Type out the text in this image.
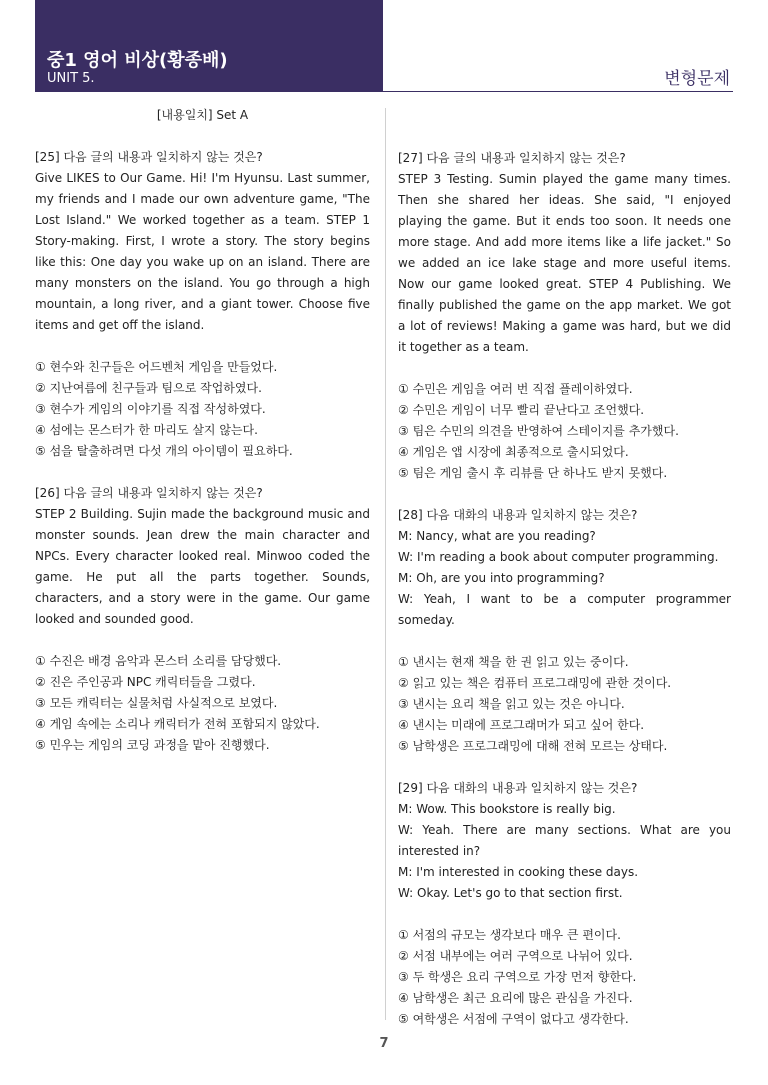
중1 영어 비상(황종배)
UNIT 5.	변형문제

[내용일치] Set A

[25] 다음 글의 내용과 일치하지 않는 것은?

Give LIKES to Our Game. Hi! I'm Hyunsu. Last summer, my friends and I made our own adventure game, "The Lost Island." We worked together as a team. STEP 1 Story-making. First, I wrote a story. The story begins like this: One day you wake up on an island. There are many monsters on the island. You go through a high mountain, a long river, and a giant tower. Choose five items and get off the island.

① 현수와 친구들은 어드벤처 게임을 만들었다.
② 지난여름에 친구들과 팀으로 작업하였다.
③ 현수가 게임의 이야기를 직접 작성하였다.
④ 섬에는 몬스터가 한 마리도 살지 않는다.
⑤ 섬을 탈출하려면 다섯 개의 아이템이 필요하다.

[26] 다음 글의 내용과 일치하지 않는 것은?

STEP 2 Building. Sujin made the background music and monster sounds. Jean drew the main character and NPCs. Every character looked real. Minwoo coded the game. He put all the parts together. Sounds, characters, and a story were in the game. Our game looked and sounded good.

① 수진은 배경 음악과 몬스터 소리를 담당했다.
② 진은 주인공과 NPC 캐릭터들을 그렸다.
③ 모든 캐릭터는 실물처럼 사실적으로 보였다.
④ 게임 속에는 소리나 캐릭터가 전혀 포함되지 않았다.
⑤ 민우는 게임의 코딩 과정을 맡아 진행했다.

[27] 다음 글의 내용과 일치하지 않는 것은?

STEP 3 Testing. Sumin played the game many times. Then she shared her ideas. She said, "I enjoyed playing the game. But it ends too soon. It needs one more stage. And add more items like a life jacket." So we added an ice lake stage and more useful items. Now our game looked great. STEP 4 Publishing. We finally published the game on the app market. We got a lot of reviews! Making a game was hard, but we did it together as a team.

① 수민은 게임을 여러 번 직접 플레이하였다.
② 수민은 게임이 너무 빨리 끝난다고 조언했다.
③ 팀은 수민의 의견을 반영하여 스테이지를 추가했다.
④ 게임은 앱 시장에 최종적으로 출시되었다.
⑤ 팀은 게임 출시 후 리뷰를 단 하나도 받지 못했다.

[28] 다음 대화의 내용과 일치하지 않는 것은?

M: Nancy, what are you reading?

W: I'm reading a book about computer programming.

M: Oh, are you into programming?

W: Yeah, I want to be a computer programmer someday.

① 낸시는 현재 책을 한 권 읽고 있는 중이다.
② 읽고 있는 책은 컴퓨터 프로그래밍에 관한 것이다.
③ 낸시는 요리 책을 읽고 있는 것은 아니다.
④ 낸시는 미래에 프로그래머가 되고 싶어 한다.
⑤ 남학생은 프로그래밍에 대해 전혀 모르는 상태다.

[29] 다음 대화의 내용과 일치하지 않는 것은?

M: Wow. This bookstore is really big.

W: Yeah. There are many sections. What are you interested in?

M: I'm interested in cooking these days.

W: Okay. Let's go to that section first.

① 서점의 규모는 생각보다 매우 큰 편이다.
② 서점 내부에는 여러 구역으로 나뉘어 있다.
③ 두 학생은 요리 구역으로 가장 먼저 향한다.
④ 남학생은 최근 요리에 많은 관심을 가진다.
⑤ 여학생은 서점에 구역이 없다고 생각한다.
7
